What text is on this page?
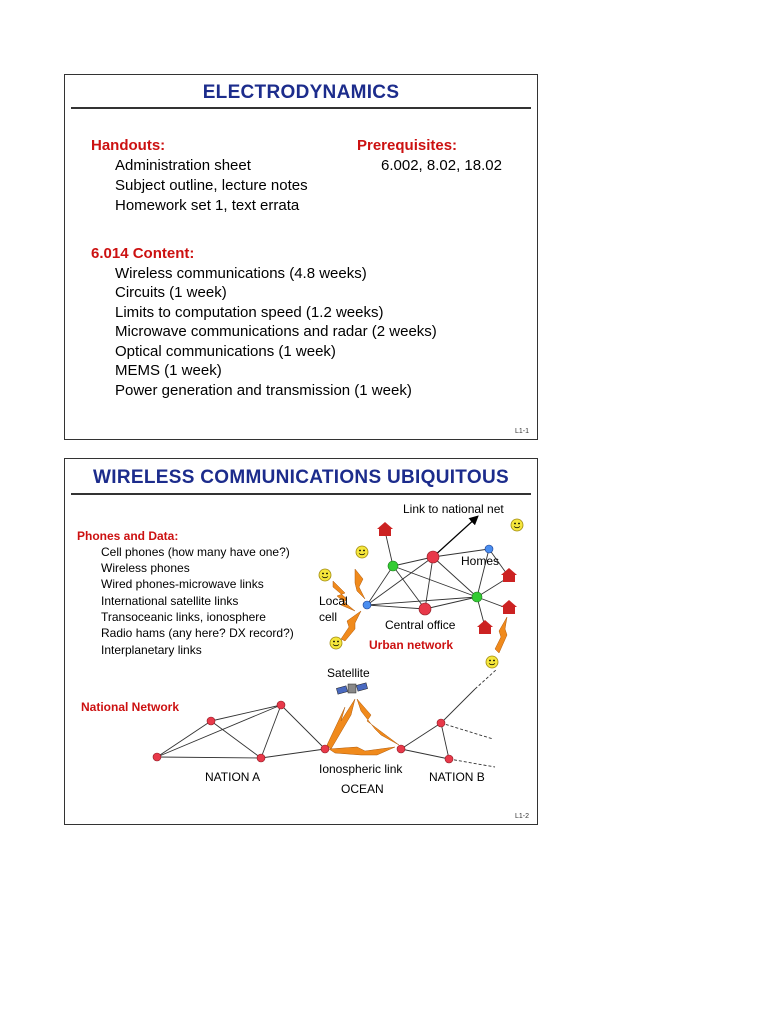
ELECTRODYNAMICS
Handouts:
Administration sheet
Subject outline, lecture notes
Homework set 1, text errata
Prerequisites:
6.002, 8.02, 18.02
6.014 Content:
Wireless communications (4.8 weeks)
Circuits (1 week)
Limits to computation speed (1.2 weeks)
Microwave communications and radar (2 weeks)
Optical communications (1 week)
MEMS (1 week)
Power generation and transmission (1 week)
L1-1
WIRELESS COMMUNICATIONS UBIQUITOUS
Phones and Data:
Cell phones (how many have one?)
Wireless phones
Wired phones-microwave links
International satellite links
Transoceanic links, ionosphere
Radio hams (any here? DX record?)
Interplanetary links
Link to national net
Homes
Local
cell
Central office
Urban network
Satellite
National Network
NATION A
Ionospheric link
OCEAN
NATION B
L1-2
